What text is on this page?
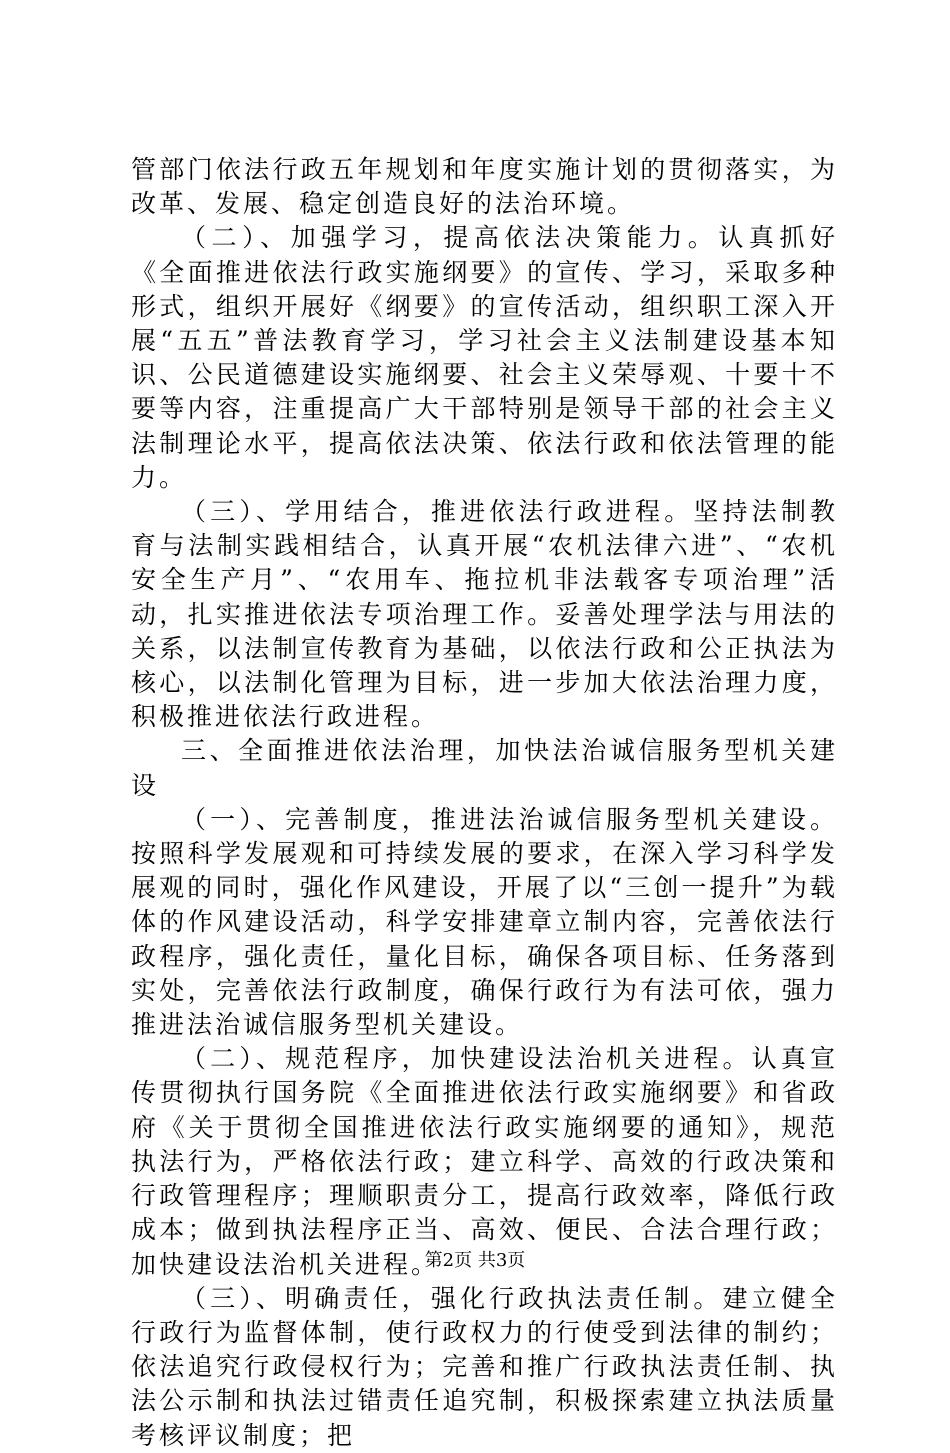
管部门依法行政五年规划和年度实施计划的贯彻落实，为改革、发展、稳定创造良好的法治环境。

（二）、加强学习，提高依法决策能力。认真抓好《全面推进依法行政实施纲要》的宣传、学习，采取多种形式，组织开展好《纲要》的宣传活动，组织职工深入开展“五五”普法教育学习，学习社会主义法制建设基本知识、公民道德建设实施纲要、社会主义荣辱观、十要十不要等内容，注重提高广大干部特别是领导干部的社会主义法制理论水平，提高依法决策、依法行政和依法管理的能力。

（三）、学用结合，推进依法行政进程。坚持法制教育与法制实践相结合，认真开展“农机法律六进”、“农机安全生产月”、“农用车、拖拉机非法载客专项治理”活动，扎实推进依法专项治理工作。妥善处理学法与用法的关系，以法制宣传教育为基础，以依法行政和公正执法为核心，以法制化管理为目标，进一步加大依法治理力度，积极推进依法行政进程。

三、全面推进依法治理，加快法治诚信服务型机关建设

（一）、完善制度，推进法治诚信服务型机关建设。按照科学发展观和可持续发展的要求，在深入学习科学发展观的同时，强化作风建设，开展了以“三创一提升”为载体的作风建设活动，科学安排建章立制内容，完善依法行政程序，强化责任，量化目标，确保各项目标、任务落到实处，完善依法行政制度，确保行政行为有法可依，强力推进法治诚信服务型机关建设。

（二）、规范程序，加快建设法治机关进程。认真宣传贯彻执行国务院《全面推进依法行政实施纲要》和省政府《关于贯彻全国推进依法行政实施纲要的通知》，规范执法行为，严格依法行政；建立科学、高效的行政决策和行政管理程序；理顺职责分工，提高行政效率，降低行政成本；做到执法程序正当、高效、便民、合法合理行政；加快建设法治机关进程。

（三）、明确责任，强化行政执法责任制。建立健全行政行为监督体制，使行政权力的行使受到法律的制约；依法追究行政侵权行为；完善和推广行政执法责任制、执法公示制和执法过错责任追究制，积极探索建立执法质量考核评议制度；把

第2页 共3页
